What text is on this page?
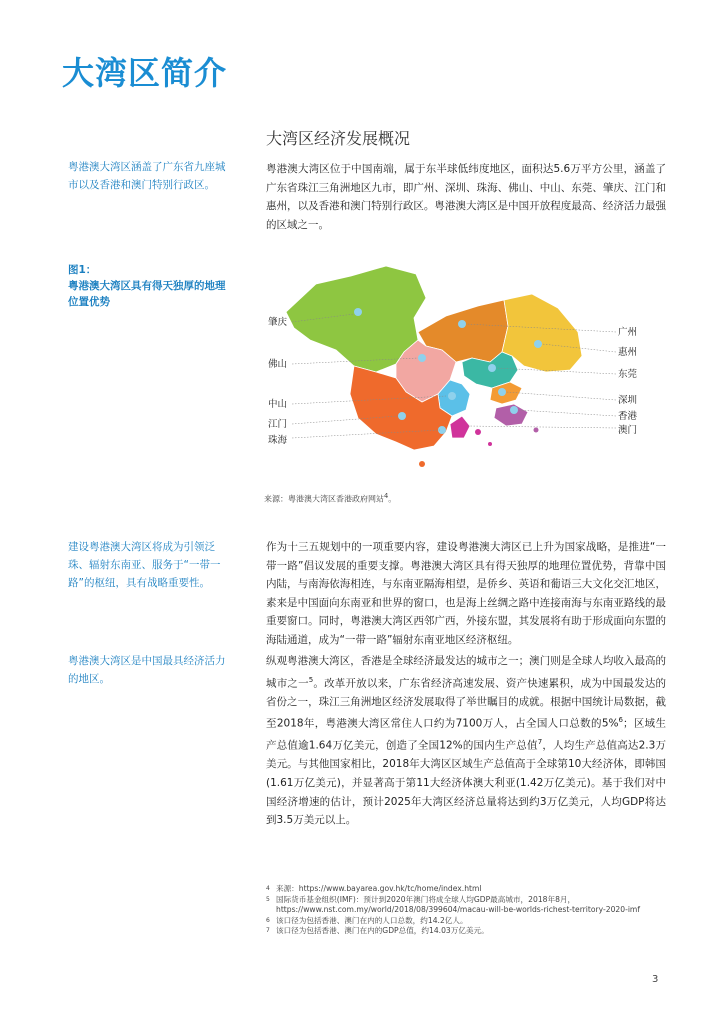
大湾区简介
大湾区经济发展概况
粤港澳大湾区涵盖了广东省九座城市以及香港和澳门特别行政区。

粤港澳大湾区位于中国南端，属于东半球低纬度地区，面积达5.6万平方公里，涵盖了广东省珠江三角洲地区九市，即广州、深圳、珠海、佛山、中山、东莞、肇庆、江门和惠州，以及香港和澳门特别行政区。粤港澳大湾区是中国开放程度最高、经济活力最强的区域之一。

图1：
粤港澳大湾区具有得天独厚的地理位置优势
肇庆
佛山
中山
江门
珠海
广州
惠州
东莞
深圳
香港
澳门
来源：粤港澳大湾区香港政府网站$^4$。
建设粤港澳大湾区将成为引领泛珠、辐射东南亚、服务于“一带一路”的枢纽，具有战略重要性。

作为十三五规划中的一项重要内容，建设粤港澳大湾区已上升为国家战略，是推进“一带一路”倡议发展的重要支撑。粤港澳大湾区具有得天独厚的地理位置优势，背靠中国内陆，与南海依海相连，与东南亚隔海相望，是侨乡、英语和葡语三大文化交汇地区，素来是中国面向东南亚和世界的窗口，也是海上丝绸之路中连接南海与东南亚路线的最重要窗口。同时，粤港澳大湾区西邻广西，外接东盟，其发展将有助于形成面向东盟的海陆通道，成为“一带一路”辐射东南亚地区经济枢纽。

粤港澳大湾区是中国最具经济活力的地区。

纵观粤港澳大湾区，香港是全球经济最发达的城市之一；澳门则是全球人均收入最高的城市之一$^5$。改革开放以来，广东省经济高速发展、资产快速累积，成为中国最发达的省份之一，珠江三角洲地区经济发展取得了举世瞩目的成就。根据中国统计局数据，截至2018年，粤港澳大湾区常住人口约为7100万人，占全国人口总数的5%$^6$；区域生产总值逾1.64万亿美元，创造了全国12%的国内生产总值$^7$，人均生产总值高达2.3万美元。与其他国家相比，2018年大湾区区域生产总值高于全球第10大经济体，即韩国(1.61万亿美元)，并显著高于第11大经济体澳大利亚(1.42万亿美元)。基于我们对中国经济增速的估计，预计2025年大湾区经济总量将达到约3万亿美元，人均GDP将达到3.5万美元以上。

4 来源：https://www.bayarea.gov.hk/tc/home/index.html
5 国际货币基金组织(IMF)：预计到2020年澳门将成全球人均GDP最高城市，2018年8月，https://www.nst.com.my/world/2018/08/399604/macau-will-be-worlds-richest-territory-2020-imf
6 该口径为包括香港、澳门在内的人口总数，约14.2亿人。
7 该口径为包括香港、澳门在内的GDP总值，约14.03万亿美元。
3
